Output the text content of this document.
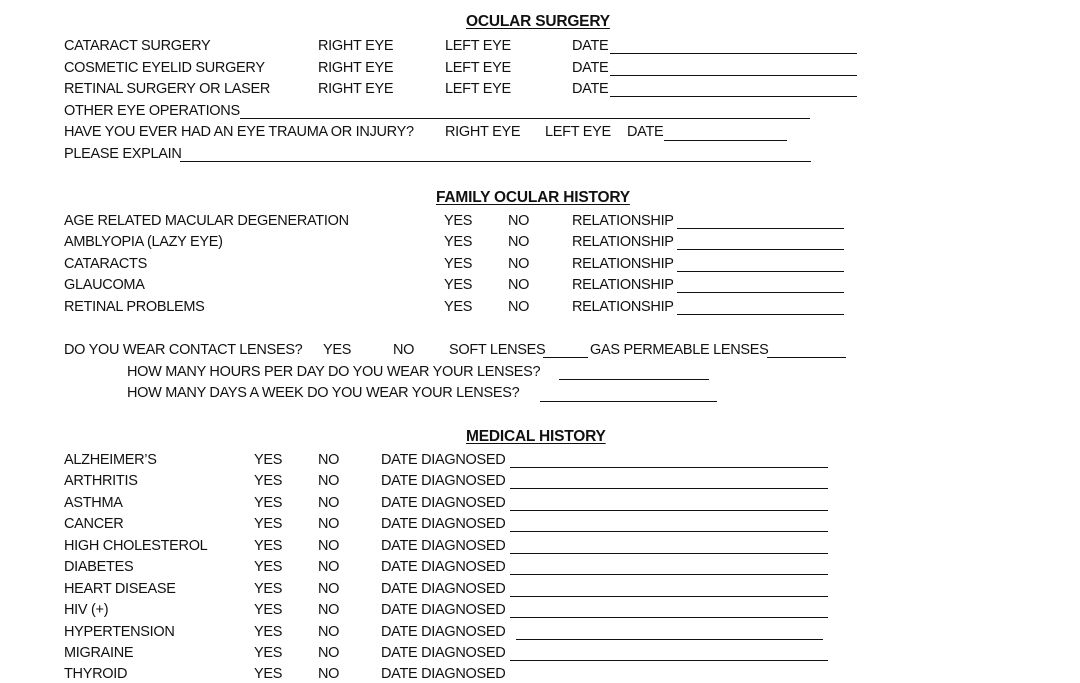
OCULAR SURGERY
CATARACT SURGERY	RIGHT EYE	LEFT EYE	DATE
COSMETIC EYELID SURGERY	RIGHT EYE	LEFT EYE	DATE
RETINAL SURGERY OR LASER	RIGHT EYE	LEFT EYE	DATE
OTHER EYE OPERATIONS
HAVE YOU EVER HAD AN EYE TRAUMA OR INJURY? RIGHT EYE LEFT EYE DATE
PLEASE EXPLAIN
FAMILY OCULAR HISTORY
AGE RELATED MACULAR DEGENERATION	YES NO	RELATIONSHIP
AMBLYOPIA (LAZY EYE)	YES NO	RELATIONSHIP
CATARACTS	YES NO	RELATIONSHIP
GLAUCOMA	YES NO	RELATIONSHIP
RETINAL PROBLEMS	YES NO	RELATIONSHIP
DO YOU WEAR CONTACT LENSES? YES	NO SOFT LENSES	GAS PERMEABLE LENSES
HOW MANY HOURS PER DAY DO YOU WEAR YOUR LENSES?
HOW MANY DAYS A WEEK DO YOU WEAR YOUR LENSES?
MEDICAL HISTORY
ALZHEIMER’S	YES NO	DATE DIAGNOSED
ARTHRITIS	YES NO	DATE DIAGNOSED
ASTHMA	YES NO	DATE DIAGNOSED
CANCER	YES NO	DATE DIAGNOSED
HIGH CHOLESTEROL	YES NO	DATE DIAGNOSED
DIABETES	YES NO	DATE DIAGNOSED
HEART DISEASE	YES NO	DATE DIAGNOSED
HIV (+)	YES NO	DATE DIAGNOSED
HYPERTENSION	YES NO	DATE DIAGNOSED
MIGRAINE	YES NO	DATE DIAGNOSED
THYROID	YES NO	DATE DIAGNOSED
